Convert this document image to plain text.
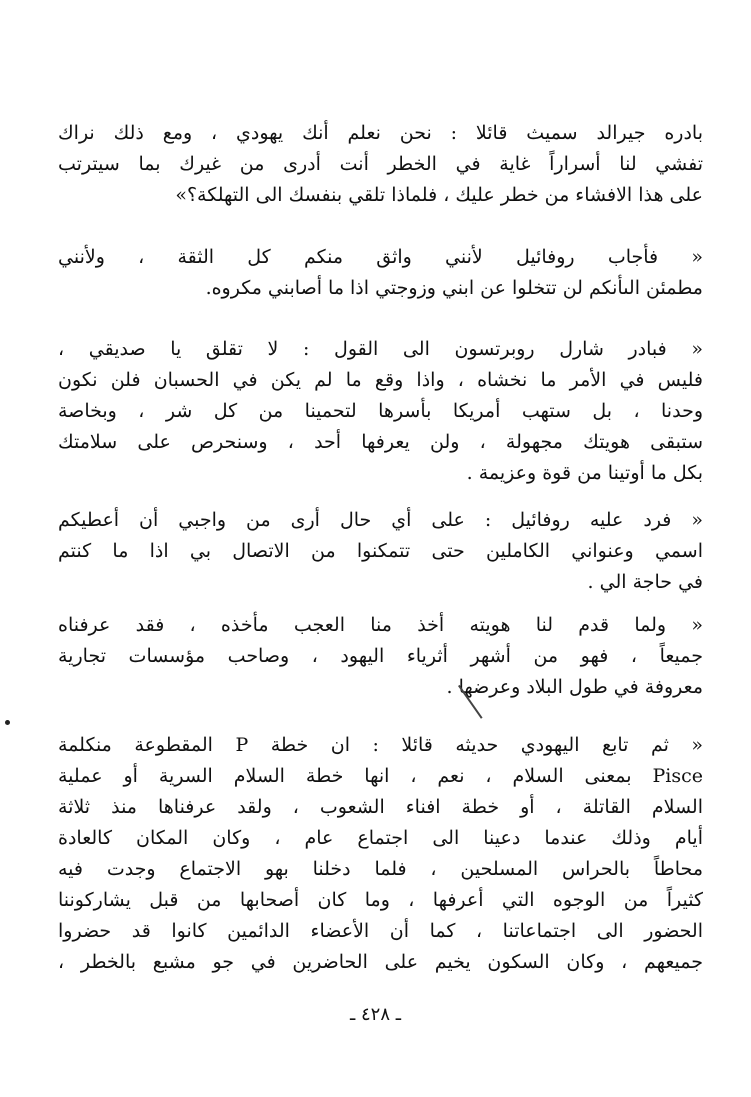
بادره جيرالد سميث قائلا : نحن نعلم أنك يهودي ، ومع ذلك نراك
تفشي لنا أسراراً غاية في الخطر أنت أدرى من غيرك بما سيترتب
على هذا الافشاء من خطر عليك ، فلماذا تلقي بنفسك الى التهلكة؟»
« فأجاب روفائيل لأنني واثق منكم كل الثقة ، ولأنني
مطمئن الىأنكم لن تتخلوا عن ابني وزوجتي اذا ما أصابني مكروه.
« فبادر شارل روبرتسون الى القول : لا تقلق يا صديقي ،
فليس في الأمر ما نخشاه ، واذا وقع ما لم يكن في الحسبان فلن نكون
وحدنا ، بل ستهب أمريكا بأسرها لتحمينا من كل شر ، وبخاصة
ستبقى هويتك مجهولة ، ولن يعرفها أحد ، وسنحرص على سلامتك
بكل ما أوتينا من قوة وعزيمة .
« فرد عليه روفائيل : على أي حال أرى من واجبي أن أعطيكم
اسمي وعنواني الكاملين حتى تتمكنوا من الاتصال بي اذا ما كنتم
في حاجة الي .
« ولما قدم لنا هويته أخذ منا العجب مأخذه ، فقد عرفناه
جميعاً ، فهو من أشهر أثرياء اليهود ، وصاحب مؤسسات تجارية
معروفة في طول البلاد وعرضها .
« ثم تابع اليهودي حديثه قائلا : ان خطة P المقطوعة منكلمة
Pisce بمعنى السلام ، نعم ، انها خطة السلام السرية أو عملية
السلام القاتلة ، أو خطة افناء الشعوب ، ولقد عرفناها منذ ثلاثة
أيام وذلك عندما دعينا الى اجتماع عام ، وكان المكان كالعادة
محاطاً بالحراس المسلحين ، فلما دخلنا بهو الاجتماع وجدت فيه
كثيراً من الوجوه التي أعرفها ، وما كان أصحابها من قبل يشاركوننا
الحضور الى اجتماعاتنا ، كما أن الأعضاء الدائمين كانوا قد حضروا
جميعهم ، وكان السكون يخيم على الحاضرين في جو مشبع بالخطر ،
ـ ٤٢٨ ـ
